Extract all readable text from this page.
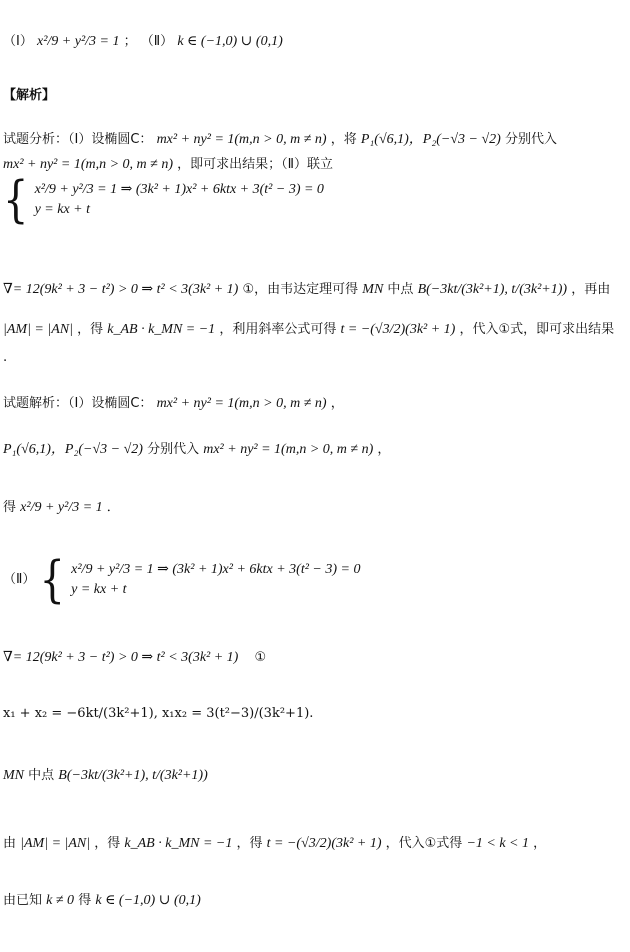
（Ⅰ） x²/9 + y²/3 = 1 ； （Ⅱ） k ∈ (−1,0) ∪ (0,1)
【解析】
试题分析：（Ⅰ）设椭圆C： mx² + ny² = 1(m,n > 0, m ≠ n) ，将 P₁(√6,1)，P₂(−√3 − √2) 分别代入
mx² + ny² = 1(m,n > 0, m ≠ n) ，即可求出结果；（Ⅱ）联立
{ x²/9 + y²/3 = 1 ⇒ (3k² + 1)x² + 6ktx + 3(t² − 3) = 0
y = kx + t
∇= 12(9k² + 3 − t²) > 0 ⇒ t² < 3(3k² + 1) ①，由韦达定理可得 MN 中点 B(−3kt/(3k²+1), t/(3k²+1)) ，再由
|AM| = |AN| ，得 k_AB · k_MN = −1 ，利用斜率公式可得 t = −(√3/2)(3k² + 1) ，代入①式，即可求出结果
.
试题解析：（Ⅰ）设椭圆C： mx² + ny² = 1(m,n > 0, m ≠ n) ，
P₁(√6,1)，P₂(−√3 − √2) 分别代入 mx² + ny² = 1(m,n > 0, m ≠ n) ，
得 x²/9 + y²/3 = 1 ．
（Ⅱ） { x²/9 + y²/3 = 1 ⇒ (3k² + 1)x² + 6ktx + 3(t² − 3) = 0
y = kx + t
∇= 12(9k² + 3 − t²) > 0 ⇒ t² < 3(3k² + 1) ①
x₁ + x₂ = −6kt/(3k²+1), x₁x₂ = 3(t²−3)/(3k²+1).
MN 中点 B(−3kt/(3k²+1), t/(3k²+1))
由 |AM| = |AN| ，得 k_AB · k_MN = −1 ，得 t = −(√3/2)(3k² + 1) ，代入①式得 −1 < k < 1 ，
由已知 k ≠ 0 得 k ∈ (−1,0) ∪ (0,1)
